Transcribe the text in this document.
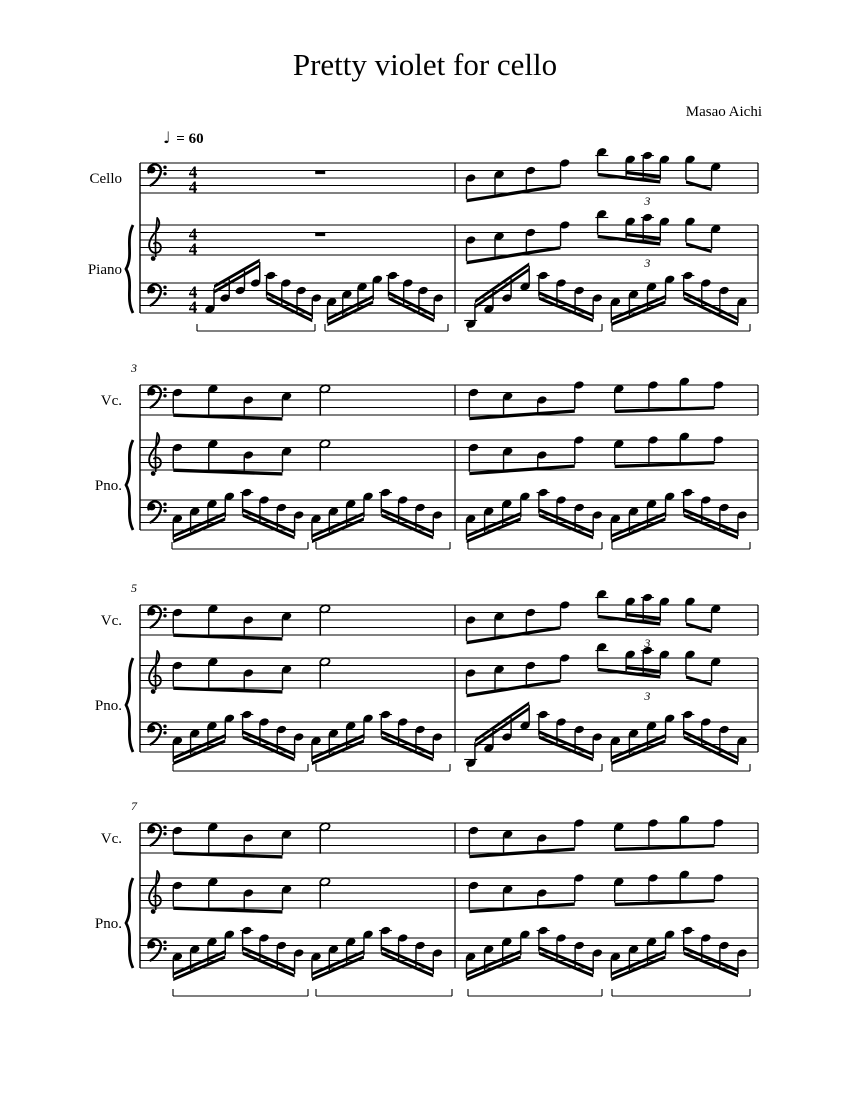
Pretty violet for cello
Masao Aichi
♩ = 60
4
4
4
4
4
4
Cello
Piano
3
3
Vc.
Pno.
3
Vc.
Pno.
5
3
3
Vc.
Pno.
7
